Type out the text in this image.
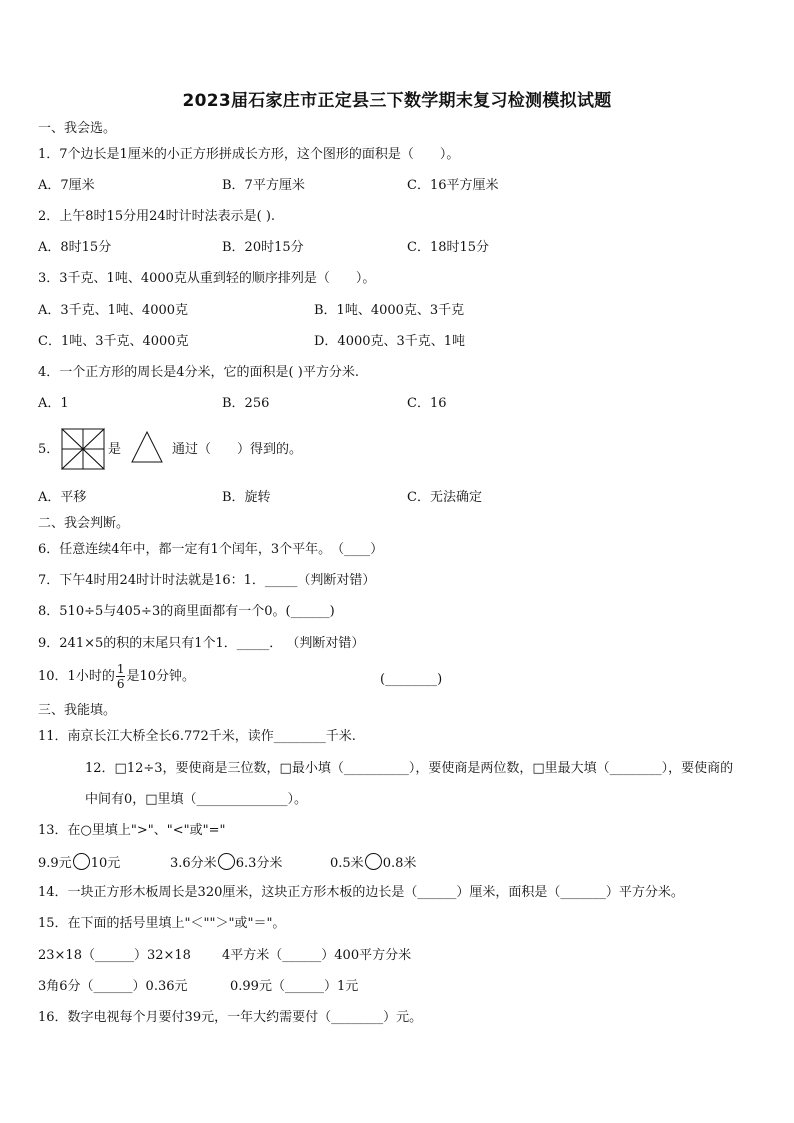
2023届石家庄市正定县三下数学期末复习检测模拟试题
一、我会选。
1．7个边长是1厘米的小正方形拼成长方形，这个图形的面积是（　　）。
A．7厘米	B．7平方厘米	C．16平方厘米
2．上午8时15分用24时计时法表示是( ).
A．8时15分	B．20时15分	C．18时15分
3．3千克、1吨、4000克从重到轻的顺序排列是（　　）。
A．3千克、1吨、4000克	B．1吨、4000克、3千克
C．1吨、3千克、4000克	D．4000克、3千克、1吨
4．一个正方形的周长是4分米，它的面积是( )平方分米.
A．1	B．256	C．16
5．	是	通过（　　）得到的。
A．平移	B．旋转	C．无法确定
二、我会判断。
6．任意连续4年中，都一定有1个闰年，3个平年。　（____）
7．下午4时用24时计时法就是16：1．_____（判断对错）
8．510÷5与405÷3的商里面都有一个0。(______)
9．241×5的积的末尾只有1个1．_____． （判断对错）
10．1小时的 $\frac{1}{6}$ 是10分钟。	(________)
三、我能填。
11．南京长江大桥全长6.772千米，读作________千米.
12．□12÷3，要使商是三位数，□最小填（__________），要使商是两位数，□里最大填（________），要使商的
中间有0，□里填（______________）。
13．在○里填上">"、"<"或"="
9.9元 10元	3.6分米 6.3分米	0.5米 0.8米
14．一块正方形木板周长是320厘米，这块正方形木板的边长是（______）厘米，面积是（_______）平方分米。
15．在下面的括号里填上"＜""＞"或"＝"。
23×18（______）32×18 4平方米（______）400平方分米
3角6分（______）0.36元	0.99元（______）1元
16．数字电视每个月要付39元，一年大约需要付（________）元。
